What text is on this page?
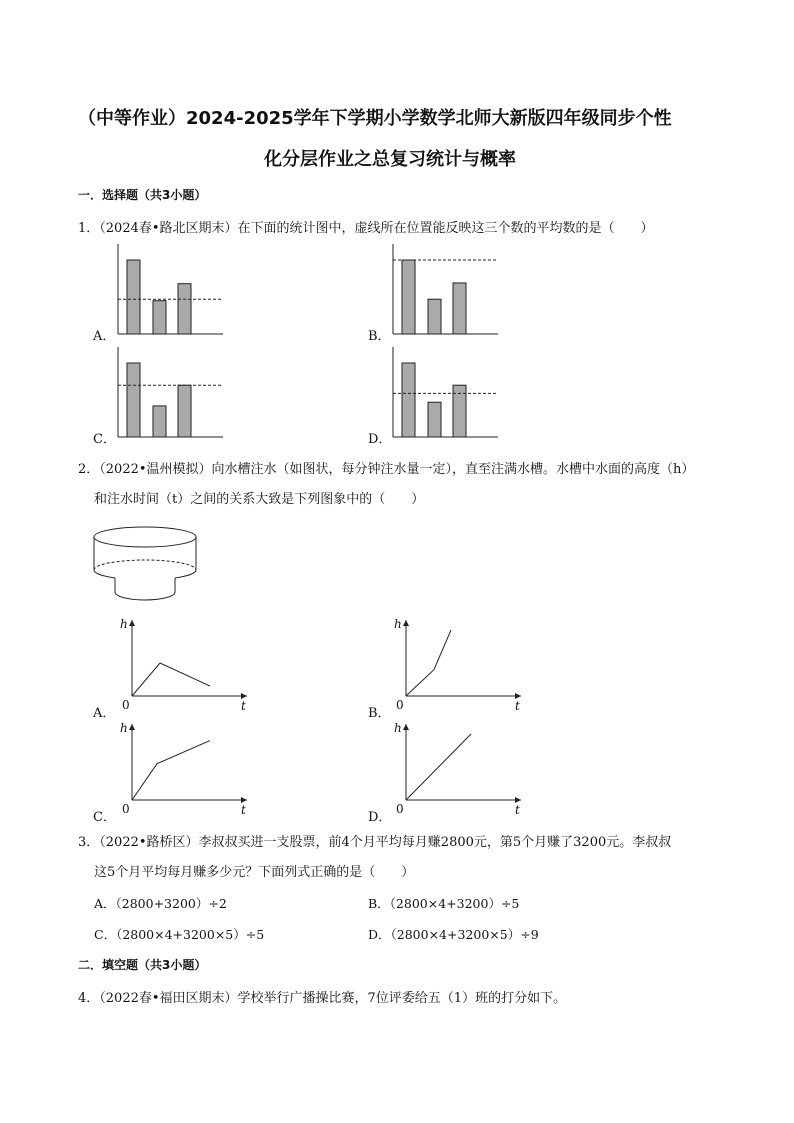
（中等作业）2024-2025学年下学期小学数学北师大新版四年级同步个性
化分层作业之总复习统计与概率
一．选择题（共3小题）
1．（2024春•路北区期末）在下面的统计图中，虚线所在位置能反映这三个数的平均数的是（　　）
A．	B．
C．	D．
2．（2022•温州模拟）向水槽注水（如图状，每分钟注水量一定），直至注满水槽。水槽中水面的高度（h）
和注水时间（t）之间的关系大致是下列图象中的（　　）
A．
h
t
0
B．
h
t
0
C．
h
t
0
D．
h
t
0
3．（2022•路桥区）李叔叔买进一支股票，前4个月平均每月赚2800元，第5个月赚了3200元。李叔叔
这5个月平均每月赚多少元？下面列式正确的是（　　）
A．（2800+3200）÷2	B．（2800×4+3200）÷5
C．（2800×4+3200×5）÷5	D．（2800×4+3200×5）÷9
二．填空题（共3小题）
4．（2022春•福田区期末）学校举行广播操比赛，7位评委给五（1）班的打分如下。
